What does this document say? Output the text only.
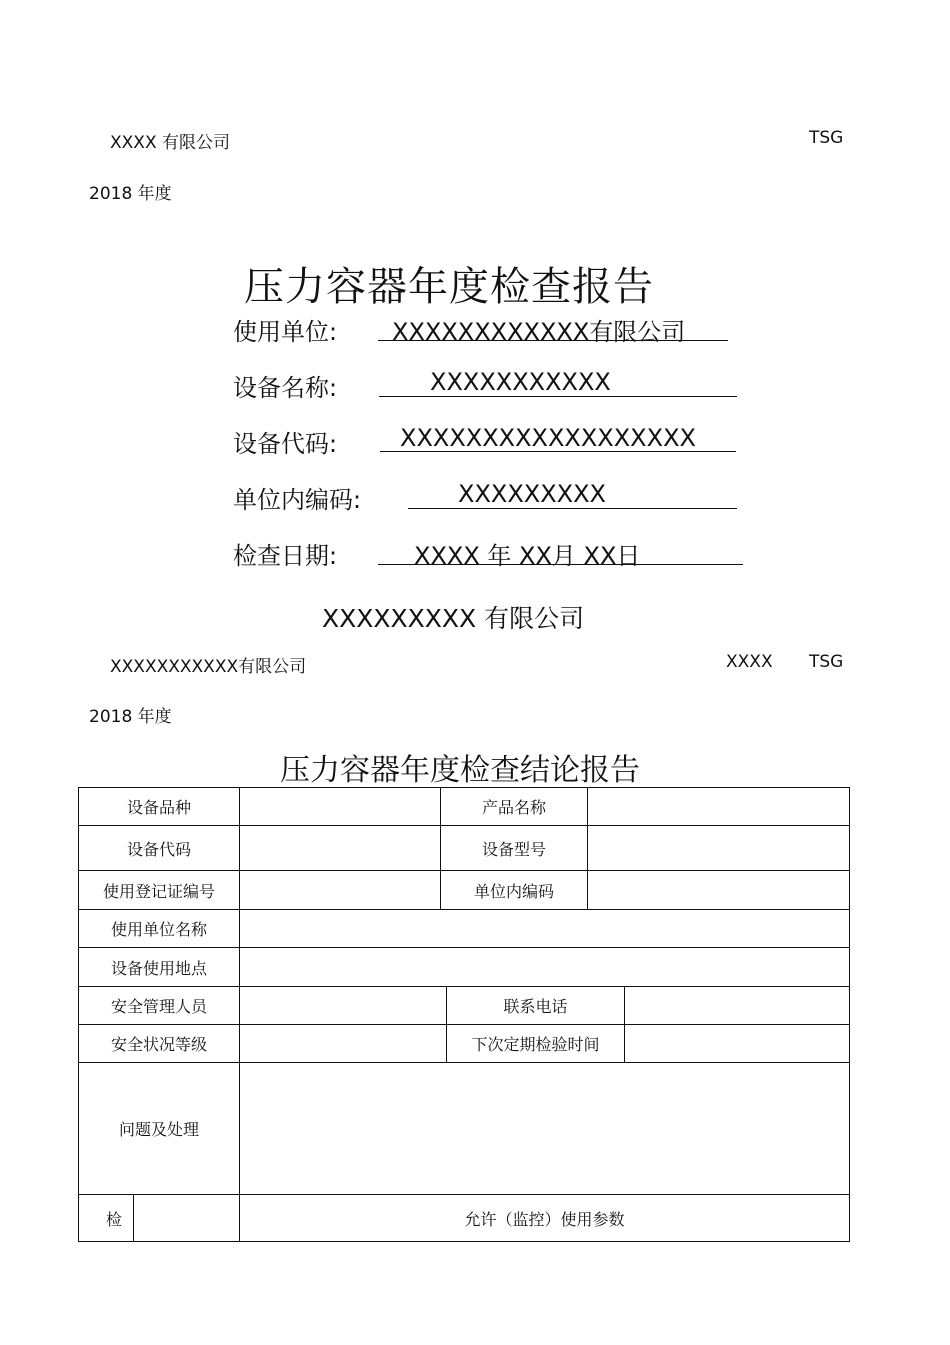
XXXX 有限公司	TSG
2018 年度
压力容器年度检查报告
使用单位: XXXXXXXXXXXX有限公司
设备名称:	XXXXXXXXXXX
设备代码:	XXXXXXXXXXXXXXXXXX
单位内编码:	XXXXXXXXX
检查日期:	XXXX 年 XX月 XX日
XXXXXXXXX 有限公司
XXXXXXXXXXX有限公司	XXXX TSG
2018 年度
压力容器年度检查结论报告
设备品种			产品名称			
设备代码			设备型号			
使用登记证编号			单位内编码			
使用单位名称						
设备使用地点						
安全管理人员				联系电话		
安全状况等级				下次定期检验时间		
问题及处理						
检		允许（监控）使用参数				
